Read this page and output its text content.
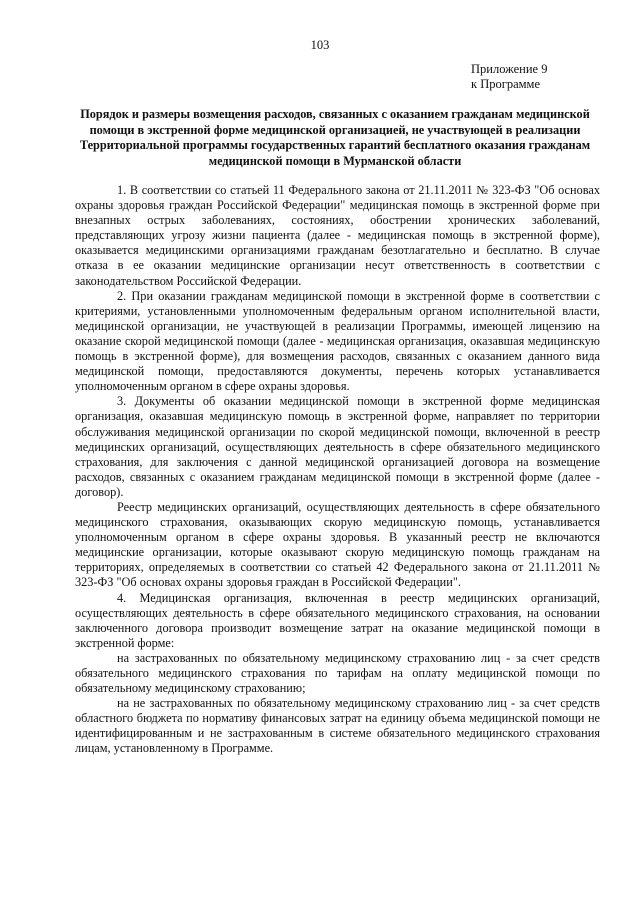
103
Приложение 9
к Программе
Порядок и размеры возмещения расходов, связанных с оказанием гражданам медицинской помощи в экстренной форме медицинской организацией, не участвующей в реализации Территориальной программы государственных гарантий бесплатного оказания гражданам медицинской помощи в Мурманской области

1. В соответствии со статьей 11 Федерального закона от 21.11.2011 № 323-ФЗ "Об основах охраны здоровья граждан Российской Федерации" медицинская помощь в экстренной форме при внезапных острых заболеваниях, состояниях, обострении хронических заболеваний, представляющих угрозу жизни пациента (далее - медицинская помощь в экстренной форме), оказывается медицинскими организациями гражданам безотлагательно и бесплатно. В случае отказа в ее оказании медицинские организации несут ответственность в соответствии с законодательством Российской Федерации.

2. При оказании гражданам медицинской помощи в экстренной форме в соответствии с критериями, установленными уполномоченным федеральным органом исполнительной власти, медицинской организации, не участвующей в реализации Программы, имеющей лицензию на оказание скорой медицинской помощи (далее - медицинская организация, оказавшая медицинскую помощь в экстренной форме), для возмещения расходов, связанных с оказанием данного вида медицинской помощи, предоставляются документы, перечень которых устанавливается уполномоченным органом в сфере охраны здоровья.

3. Документы об оказании медицинской помощи в экстренной форме медицинская организация, оказавшая медицинскую помощь в экстренной форме, направляет по территории обслуживания медицинской организации по скорой медицинской помощи, включенной в реестр медицинских организаций, осуществляющих деятельность в сфере обязательного медицинского страхования, для заключения с данной медицинской организацией договора на возмещение расходов, связанных с оказанием гражданам медицинской помощи в экстренной форме (далее - договор).

Реестр медицинских организаций, осуществляющих деятельность в сфере обязательного медицинского страхования, оказывающих скорую медицинскую помощь, устанавливается уполномоченным органом в сфере охраны здоровья. В указанный реестр не включаются медицинские организации, которые оказывают скорую медицинскую помощь гражданам на территориях, определяемых в соответствии со статьей 42 Федерального закона от 21.11.2011 № 323-ФЗ "Об основах охраны здоровья граждан в Российской Федерации".

4. Медицинская организация, включенная в реестр медицинских организаций, осуществляющих деятельность в сфере обязательного медицинского страхования, на основании заключенного договора производит возмещение затрат на оказание медицинской помощи в экстренной форме:

на застрахованных по обязательному медицинскому страхованию лиц - за счет средств обязательного медицинского страхования по тарифам на оплату медицинской помощи по обязательному медицинскому страхованию;

на не застрахованных по обязательному медицинскому страхованию лиц - за счет средств областного бюджета по нормативу финансовых затрат на единицу объема медицинской помощи не идентифицированным и не застрахованным в системе обязательного медицинского страхования лицам, установленному в Программе.
